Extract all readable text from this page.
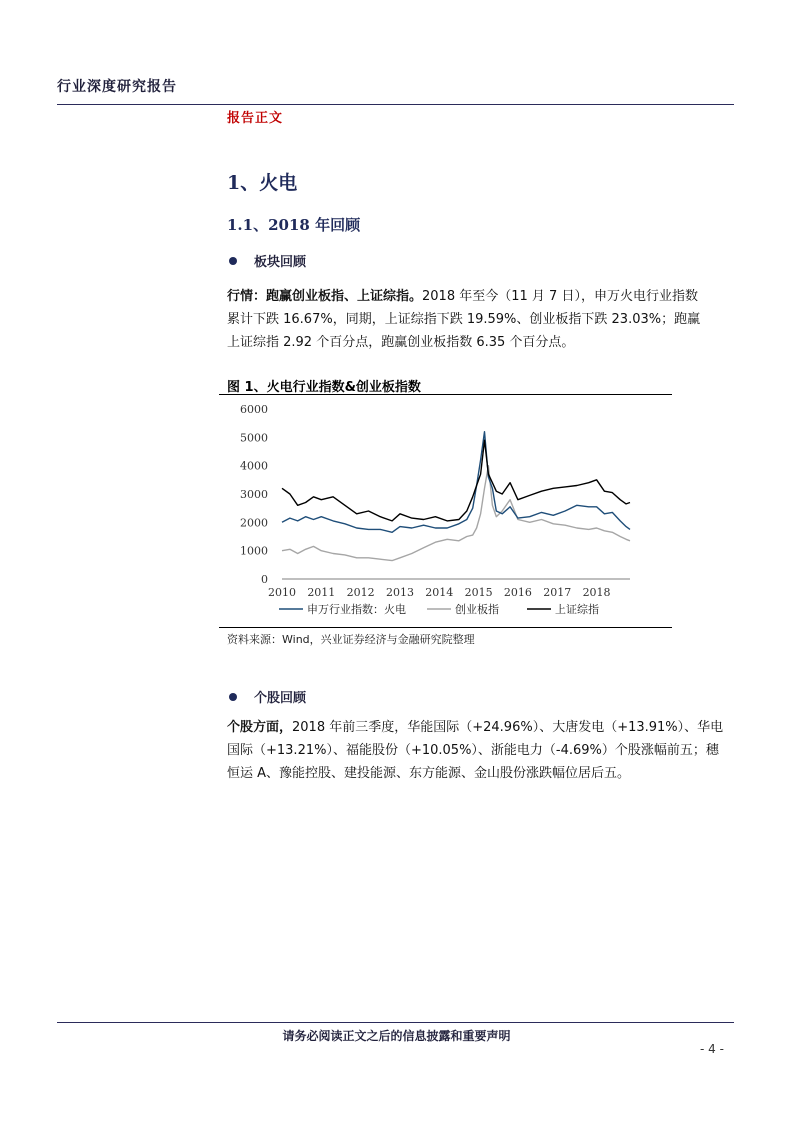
行业深度研究报告
报告正文
1、火电
1.1、2018 年回顾
板块回顾
行情：跑赢创业板指、上证综指。2018 年至今（11 月 7 日），申万火电行业指数
累计下跌 16.67%，同期，上证综指下跌 19.59%、创业板指下跌 23.03%；跑赢
上证综指 2.92 个百分点，跑赢创业板指数 6.35 个百分点。
图 1、火电行业指数&创业板指数
0
1000
2000
3000
4000
5000
6000
2010 2011 2012 2013 2014 2015 2016 2017 2018
申万行业指数：火电	创业板指	上证综指
资料来源：Wind，兴业证券经济与金融研究院整理
个股回顾
个股方面，2018 年前三季度，华能国际（+24.96%）、大唐发电（+13.91%）、华电
国际（+13.21%）、福能股份（+10.05%）、浙能电力（-4.69%）个股涨幅前五；穗
恒运 A、豫能控股、建投能源、东方能源、金山股份涨跌幅位居后五。
请务必阅读正文之后的信息披露和重要声明
- 4 -
